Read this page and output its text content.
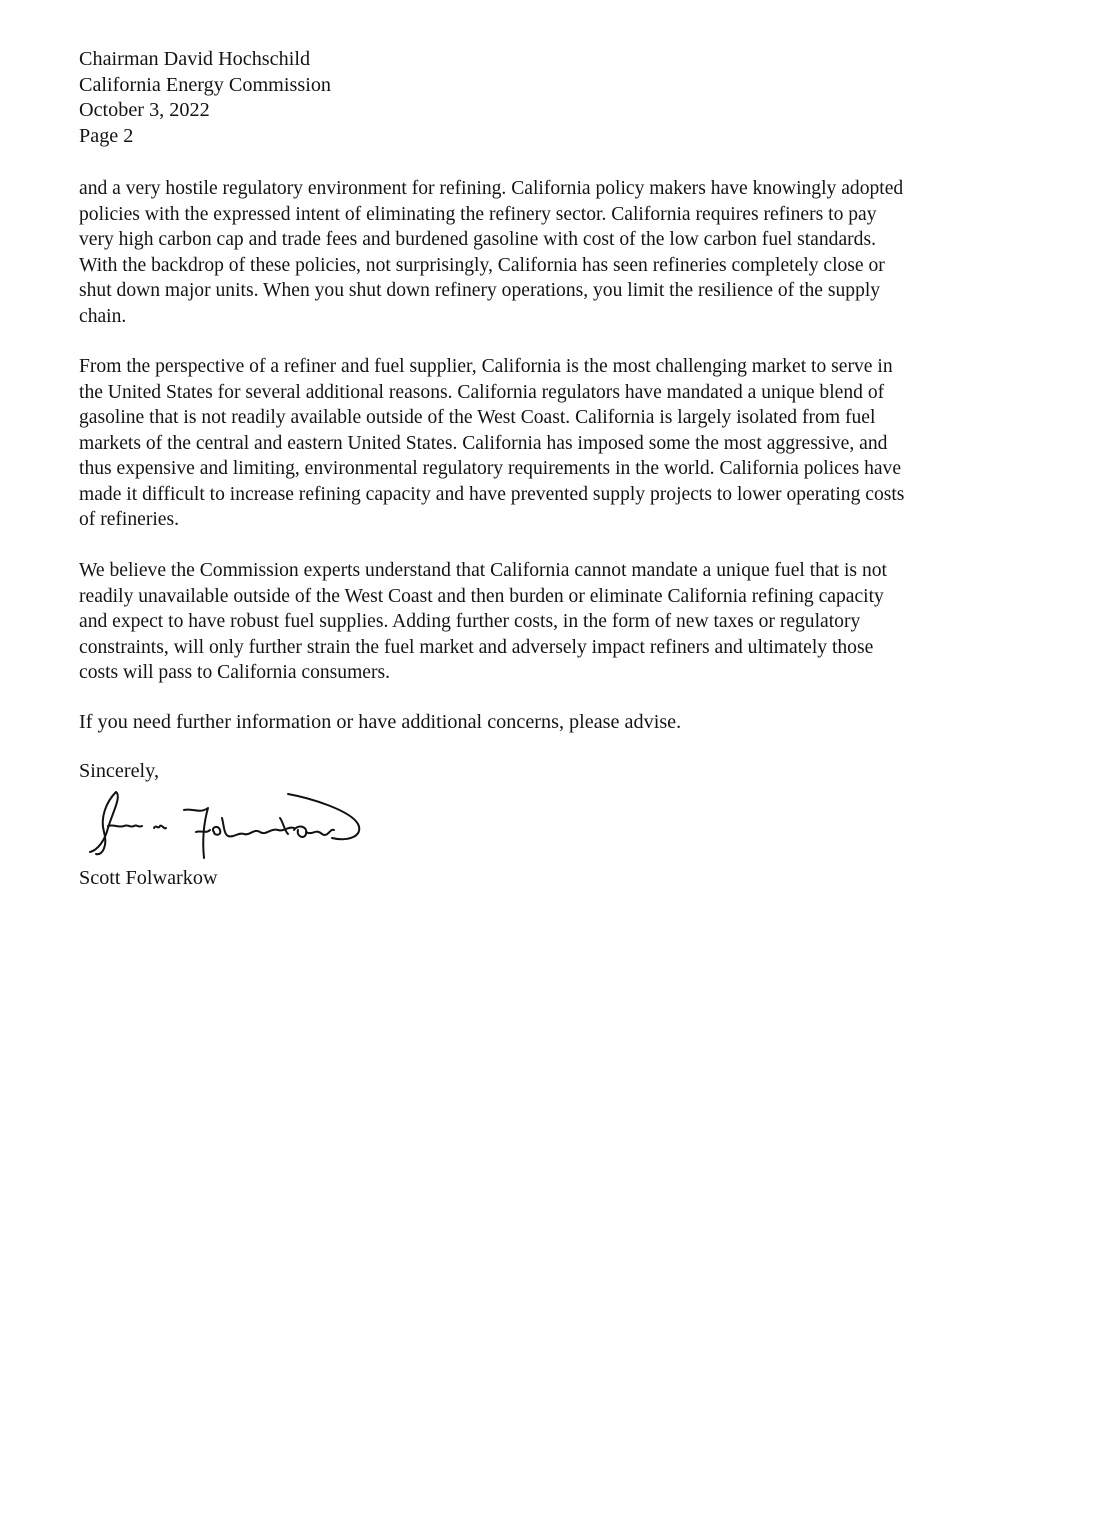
Chairman David Hochschild
California Energy Commission
October 3, 2022
Page 2
and a very hostile regulatory environment for refining. California policy makers have knowingly adopted
policies with the expressed intent of eliminating the refinery sector. California requires refiners to pay
very high carbon cap and trade fees and burdened gasoline with cost of the low carbon fuel standards.
With the backdrop of these policies, not surprisingly, California has seen refineries completely close or
shut down major units. When you shut down refinery operations, you limit the resilience of the supply
chain.
From the perspective of a refiner and fuel supplier, California is the most challenging market to serve in
the United States for several additional reasons. California regulators have mandated a unique blend of
gasoline that is not readily available outside of the West Coast. California is largely isolated from fuel
markets of the central and eastern United States. California has imposed some the most aggressive, and
thus expensive and limiting, environmental regulatory requirements in the world. California polices have
made it difficult to increase refining capacity and have prevented supply projects to lower operating costs
of refineries.
We believe the Commission experts understand that California cannot mandate a unique fuel that is not
readily unavailable outside of the West Coast and then burden or eliminate California refining capacity
and expect to have robust fuel supplies. Adding further costs, in the form of new taxes or regulatory
constraints, will only further strain the fuel market and adversely impact refiners and ultimately those
costs will pass to California consumers.
If you need further information or have additional concerns, please advise.
Sincerely,
Scott Folwarkow
